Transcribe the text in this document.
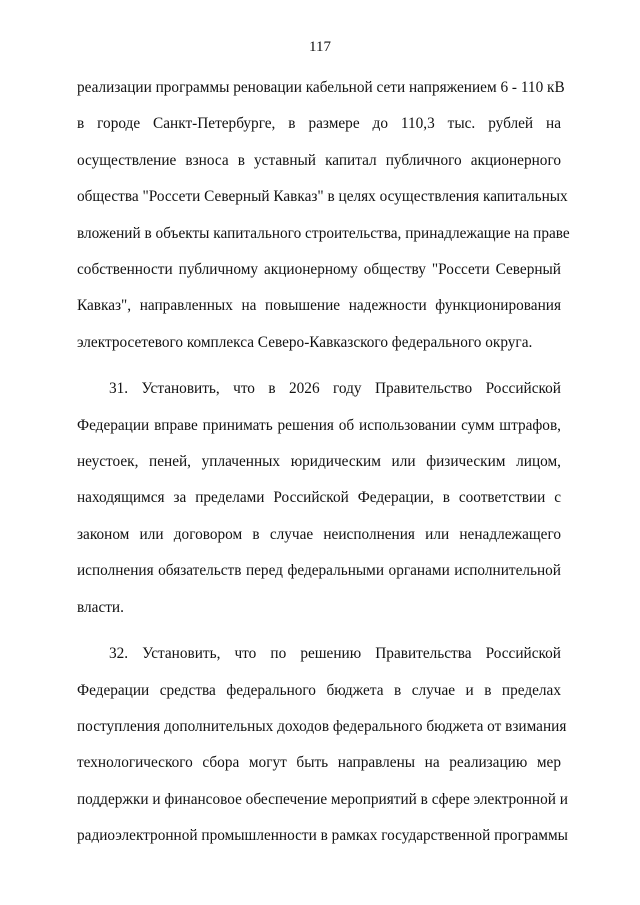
117

реализации программы реновации кабельной сети напряжением 6 - 110 кВ
в городе Санкт-Петербурге, в размере до 110,3 тыс. рублей на
осуществление взноса в уставный капитал публичного акционерного
общества "Россети Северный Кавказ" в целях осуществления капитальных
вложений в объекты капитального строительства, принадлежащие на праве
собственности публичному акционерному обществу "Россети Северный
Кавказ", направленных на повышение надежности функционирования
электросетевого комплекса Северо-Кавказского федерального округа.

31. Установить, что в 2026 году Правительство Российской
Федерации вправе принимать решения об использовании сумм штрафов,
неустоек, пеней, уплаченных юридическим или физическим лицом,
находящимся за пределами Российской Федерации, в соответствии с
законом или договором в случае неисполнения или ненадлежащего
исполнения обязательств перед федеральными органами исполнительной
власти.

32. Установить, что по решению Правительства Российской
Федерации средства федерального бюджета в случае и в пределах
поступления дополнительных доходов федерального бюджета от взимания
технологического сбора могут быть направлены на реализацию мер
поддержки и финансовое обеспечение мероприятий в сфере электронной и
радиоэлектронной промышленности в рамках государственной программы
